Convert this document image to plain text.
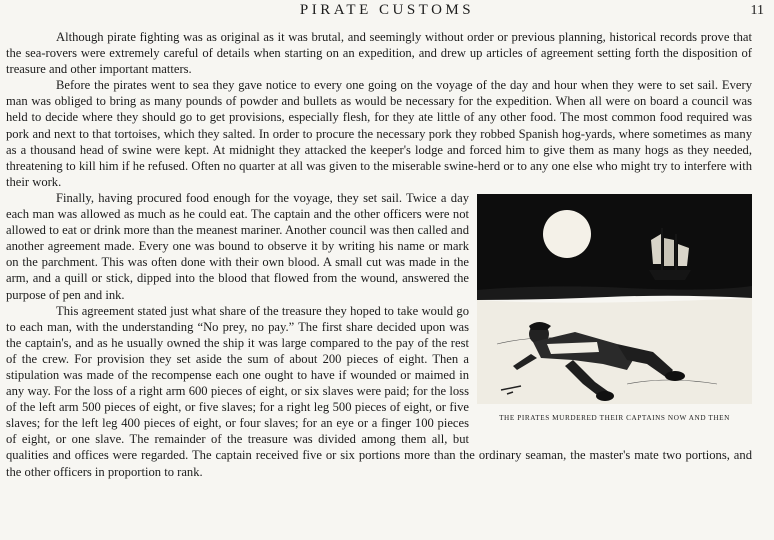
PIRATE CUSTOMS	11

Although pirate fighting was as original as it was brutal, and seemingly without order or previous planning, historical records prove that the sea-rovers were extremely careful of details when starting on an expedition, and drew up articles of agreement setting forth the disposition of treasure and other important matters.

Before the pirates went to sea they gave notice to every one going on the voyage of the day and hour when they were to set sail. Every man was obliged to bring as many pounds of powder and bullets as would be necessary for the expedition. When all were on board a council was held to decide where they should go to get provisions, especially flesh, for they ate little of any other food. The most common food required was pork and next to that tortoises, which they salted. In order to procure the necessary pork they robbed Spanish hog-yards, where sometimes as many as a thousand head of swine were kept. At midnight they attacked the keeper's lodge and forced him to give them as many hogs as they needed, threatening to kill him if he refused. Often no quarter at all was given to the miserable swine-herd or to any one else who might try to interfere with their work.

THE PIRATES MURDERED THEIR CAPTAINS NOW AND THEN

Finally, having procured food enough for the voyage, they set sail. Twice a day each man was allowed as much as he could eat. The captain and the other officers were not allowed to eat or drink more than the meanest mariner. Another council was then called and another agreement made. Every one was bound to observe it by writing his name or mark on the parchment. This was often done with their own blood. A small cut was made in the arm, and a quill or stick, dipped into the blood that flowed from the wound, answered the purpose of pen and ink.

This agreement stated just what share of the treasure they hoped to take would go to each man, with the understanding “No prey, no pay.” The first share decided upon was the captain's, and as he usually owned the ship it was large compared to the pay of the rest of the crew. For provision they set aside the sum of about 200 pieces of eight. Then a stipulation was made of the recompense each one ought to have if wounded or maimed in any way. For the loss of a right arm 600 pieces of eight, or six slaves were paid; for the loss of the left arm 500 pieces of eight, or five slaves; for a right leg 500 pieces of eight, or five slaves; for the left leg 400 pieces of eight, or four slaves; for an eye or a finger 100 pieces of eight, or one slave. The remainder of the treasure was divided among them all, but qualities and offices were regarded. The captain received five or six portions more than the ordinary seaman, the master's mate two portions, and the other officers in proportion to rank.
